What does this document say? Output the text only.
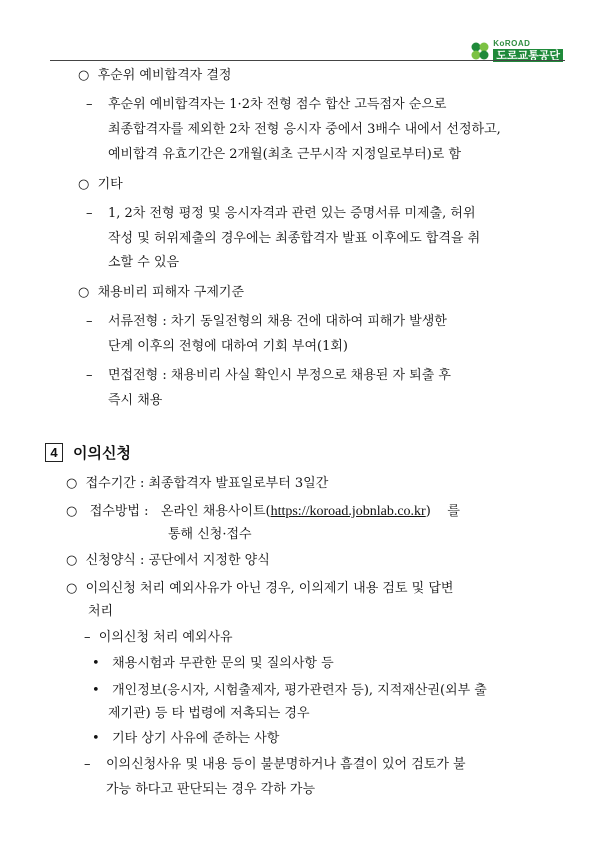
KoROAD
도로교통공단
○ 후순위 예비합격자 결정
– 후순위 예비합격자는 1·2차 전형 점수 합산 고득점자 순으로
최종합격자를 제외한 2차 전형 응시자 중에서 3배수 내에서 선정하고,
예비합격 유효기간은 2개월(최초 근무시작 지정일로부터)로 함
○ 기타
– 1, 2차 전형 평정 및 응시자격과 관련 있는 증명서류 미제출, 허위
작성 및 허위제출의 경우에는 최종합격자 발표 이후에도 합격을 취
소할 수 있음
○ 채용비리 피해자 구제기준
– 서류전형 : 차기 동일전형의 채용 건에 대하여 피해가 발생한
단계 이후의 전형에 대하여 기회 부여(1회)
– 면접전형 : 채용비리 사실 확인시 부정으로 채용된 자 퇴출 후
즉시 채용
4	이의신청
○ 접수기간 : 최종합격자 발표일로부터 3일간
○ 접수방법 : 온라인 채용사이트(https://koroad.jobnlab.co.kr) 를
통해 신청·접수
○ 신청양식 : 공단에서 지정한 양식
○ 이의신청 처리 예외사유가 아닌 경우, 이의제기 내용 검토 및 답변
처리
– 이의신청 처리 예외사유
• 채용시험과 무관한 문의 및 질의사항 등
• 개인정보(응시자, 시험출제자, 평가관련자 등), 지적재산권(외부 출
제기관) 등 타 법령에 저촉되는 경우
• 기타 상기 사유에 준하는 사항
– 이의신청사유 및 내용 등이 불분명하거나 흠결이 있어 검토가 불
가능 하다고 판단되는 경우 각하 가능
